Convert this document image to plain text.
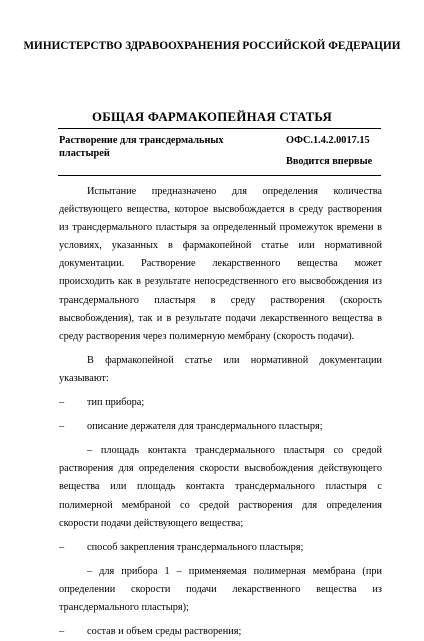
МИНИСТЕРСТВО ЗДРАВООХРАНЕНИЯ РОССИЙСКОЙ ФЕДЕРАЦИИ
ОБЩАЯ ФАРМАКОПЕЙНАЯ СТАТЬЯ
Растворение для трансдермальных пластырей
ОФС.1.4.2.0017.15
Вводится впервые

Испытание предназначено для определения количества действующего вещества, которое высвобождается в среду растворения из трансдермального пластыря за определенный промежуток времени в условиях, указанных в фармакопейной статье или нормативной документации. Растворение лекарственного вещества может происходить как в результате непосредственного его высвобождения из трансдермального пластыря в среду растворения (скорость высвобождения), так и в результате подачи лекарственного вещества в среду растворения через полимерную мембрану (скорость подачи).

В фармакопейной статье или нормативной документации указывают:

– тип прибора;
– описание держателя для трансдермального пластыря;
– площадь контакта трансдермального пластыря со средой растворения для определения скорости высвобождения действующего вещества или площадь контакта трансдермального пластыря с полимерной мембраной со средой растворения для определения скорости подачи действующего вещества;
– способ закрепления трансдермального пластыря;
– для прибора 1 – применяемая полимерная мембрана (при определении скорости подачи лекарственного вещества из трансдермального пластыря);
– состав и объем среды растворения;
